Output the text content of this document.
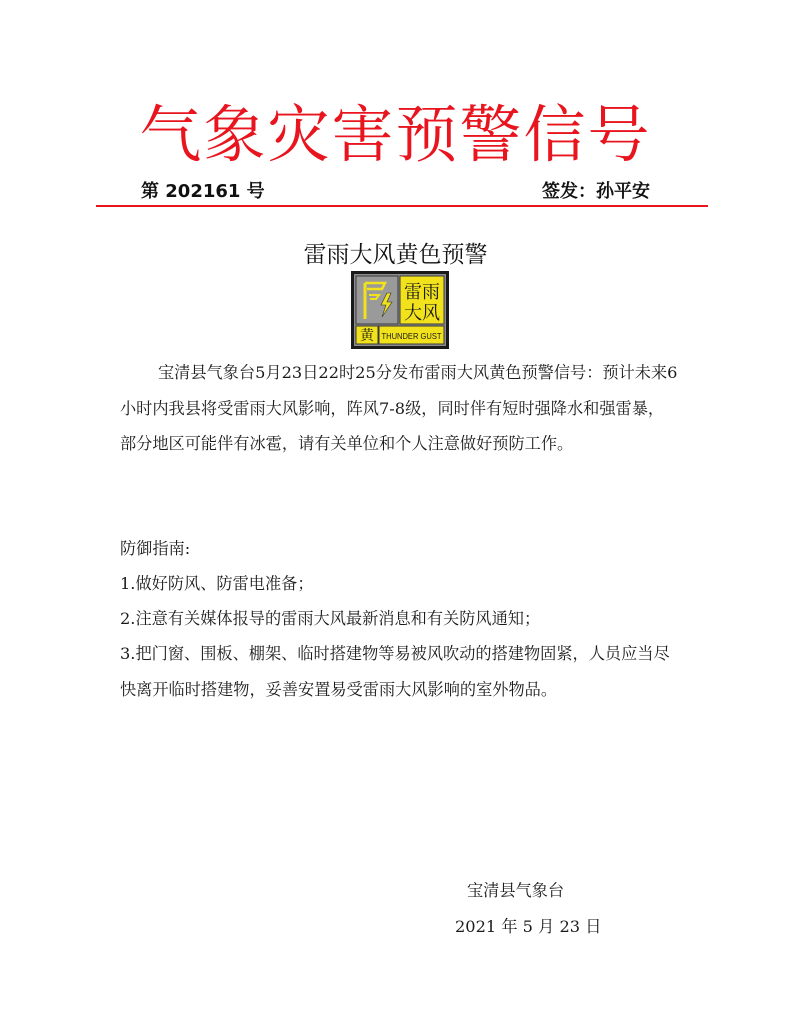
气象灾害预警信号
第 202161 号	签发：孙平安
雷雨大风黄色预警
雷雨
大风
黄 THUNDER GUST

宝清县气象台5月23日22时25分发布雷雨大风黄色预警信号：预计未来6小时内我县将受雷雨大风影响，阵风7-8级，同时伴有短时强降水和强雷暴，部分地区可能伴有冰雹，请有关单位和个人注意做好预防工作。

防御指南:

1.做好防风、防雷电准备；

2.注意有关媒体报导的雷雨大风最新消息和有关防风通知；

3.把门窗、围板、棚架、临时搭建物等易被风吹动的搭建物固紧，人员应当尽快离开临时搭建物，妥善安置易受雷雨大风影响的室外物品。

宝清县气象台
2021 年 5 月 23 日
